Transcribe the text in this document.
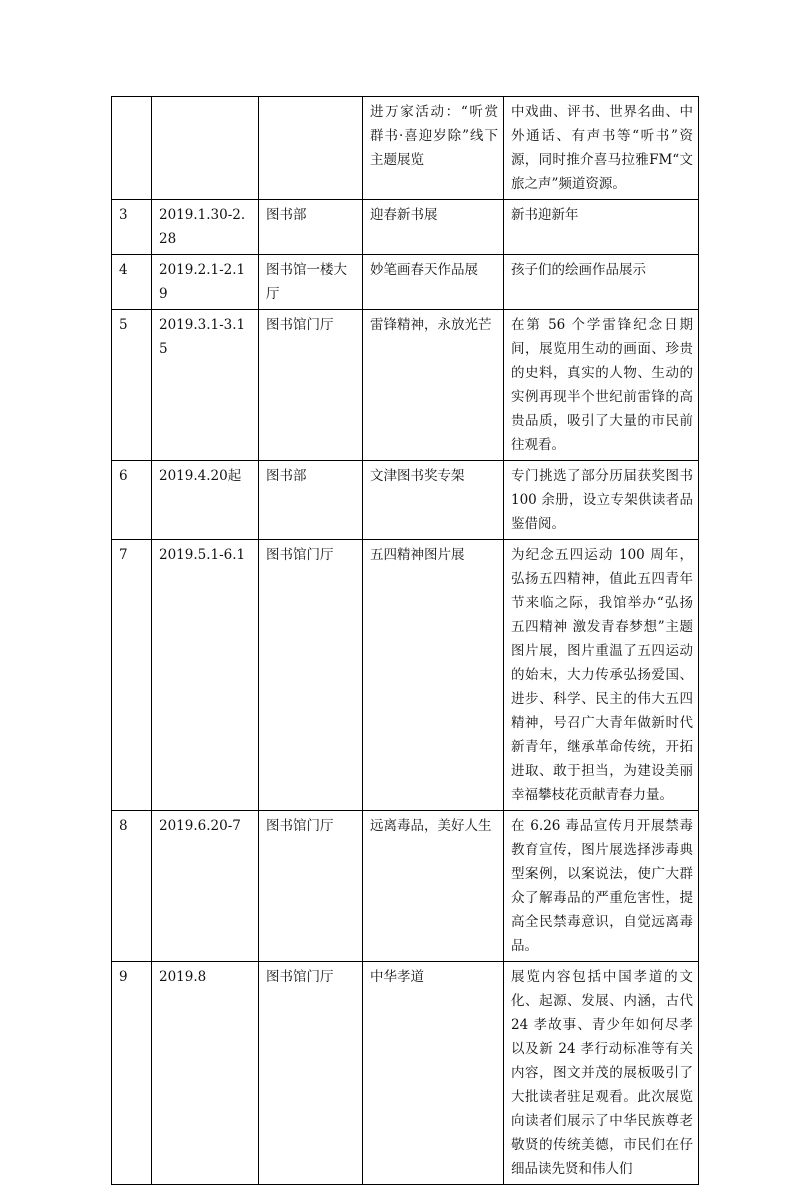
			进万家活动：“听赏群书·喜迎岁除”线下主题展览	中戏曲、评书、世界名曲、中外通话、有声书等“听书”资源，同时推介喜马拉雅FM“文旅之声”频道资源。
3	2019.1.30-2.28	图书部	迎春新书展	新书迎新年
4	2019.2.1-2.19	图书馆一楼大厅	妙笔画春天作品展	孩子们的绘画作品展示
5	2019.3.1-3.15	图书馆门厅	雷锋精神，永放光芒	在第 56 个学雷锋纪念日期间，展览用生动的画面、珍贵的史料，真实的人物、生动的实例再现半个世纪前雷锋的高贵品质，吸引了大量的市民前往观看。
6	2019.4.20起	图书部	文津图书奖专架	专门挑选了部分历届获奖图书 100 余册，设立专架供读者品鉴借阅。
7	2019.5.1-6.1	图书馆门厅	五四精神图片展	为纪念五四运动 100 周年，弘扬五四精神，值此五四青年节来临之际，我馆举办“弘扬五四精神 激发青春梦想”主题图片展，图片重温了五四运动的始末，大力传承弘扬爱国、进步、科学、民主的伟大五四精神，号召广大青年做新时代新青年，继承革命传统，开拓进取、敢于担当，为建设美丽幸福攀枝花贡献青春力量。
8	2019.6.20-7	图书馆门厅	远离毒品，美好人生	在 6.26 毒品宣传月开展禁毒教育宣传，图片展选择涉毒典型案例，以案说法，使广大群众了解毒品的严重危害性，提高全民禁毒意识，自觉远离毒品。
9	2019.8	图书馆门厅	中华孝道	展览内容包括中国孝道的文化、起源、发展、内涵，古代 24 孝故事、青少年如何尽孝以及新 24 孝行动标准等有关内容，图文并茂的展板吸引了大批读者驻足观看。此次展览向读者们展示了中华民族尊老敬贤的传统美德，市民们在仔细品读先贤和伟人们
